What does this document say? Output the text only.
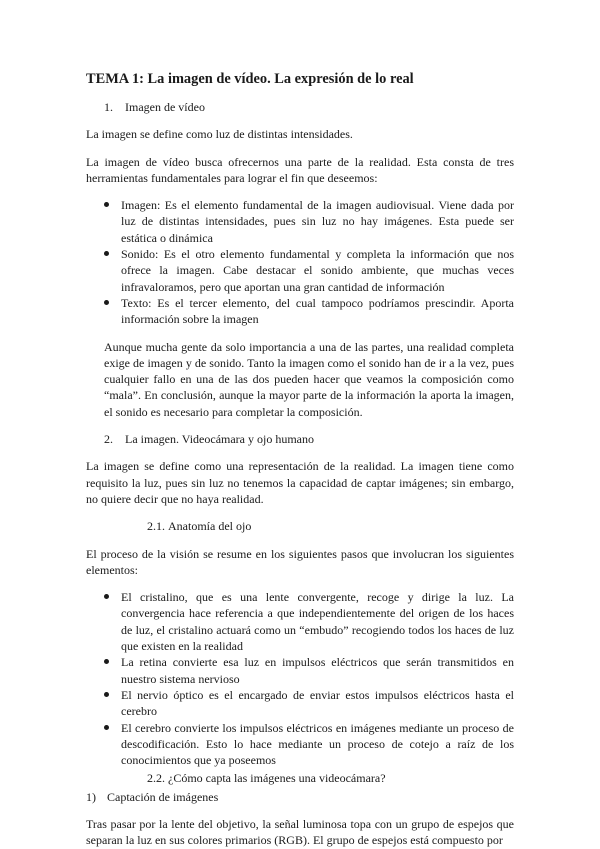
TEMA 1: La imagen de vídeo. La expresión de lo real
1.	Imagen de vídeo

La imagen se define como luz de distintas intensidades.

La imagen de vídeo busca ofrecernos una parte de la realidad. Esta consta de tres herramientas fundamentales para lograr el fin que deseemos:

Imagen: Es el elemento fundamental de la imagen audiovisual. Viene dada por luz de distintas intensidades, pues sin luz no hay imágenes. Esta puede ser estática o dinámica
Sonido: Es el otro elemento fundamental y completa la información que nos ofrece la imagen. Cabe destacar el sonido ambiente, que muchas veces infravaloramos, pero que aportan una gran cantidad de información
Texto: Es el tercer elemento, del cual tampoco podríamos prescindir. Aporta información sobre la imagen

Aunque mucha gente da solo importancia a una de las partes, una realidad completa exige de imagen y de sonido. Tanto la imagen como el sonido han de ir a la vez, pues cualquier fallo en una de las dos pueden hacer que veamos la composición como “mala”. En conclusión, aunque la mayor parte de la información la aporta la imagen, el sonido es necesario para completar la composición.

2.	La imagen. Videocámara y ojo humano

La imagen se define como una representación de la realidad. La imagen tiene como requisito la luz, pues sin luz no tenemos la capacidad de captar imágenes; sin embargo, no quiere decir que no haya realidad.

2.1. Anatomía del ojo

El proceso de la visión se resume en los siguientes pasos que involucran los siguientes elementos:

El cristalino, que es una lente convergente, recoge y dirige la luz. La convergencia hace referencia a que independientemente del origen de los haces de luz, el cristalino actuará como un “embudo” recogiendo todos los haces de luz que existen en la realidad
La retina convierte esa luz en impulsos eléctricos que serán transmitidos en nuestro sistema nervioso
El nervio óptico es el encargado de enviar estos impulsos eléctricos hasta el cerebro
El cerebro convierte los impulsos eléctricos en imágenes mediante un proceso de descodificación. Esto lo hace mediante un proceso de cotejo a raíz de los conocimientos que ya poseemos
2.2. ¿Cómo capta las imágenes una videocámara?
1) Captación de imágenes

Tras pasar por la lente del objetivo, la señal luminosa topa con un grupo de espejos que separan la luz en sus colores primarios (RGB). El grupo de espejos está compuesto por
